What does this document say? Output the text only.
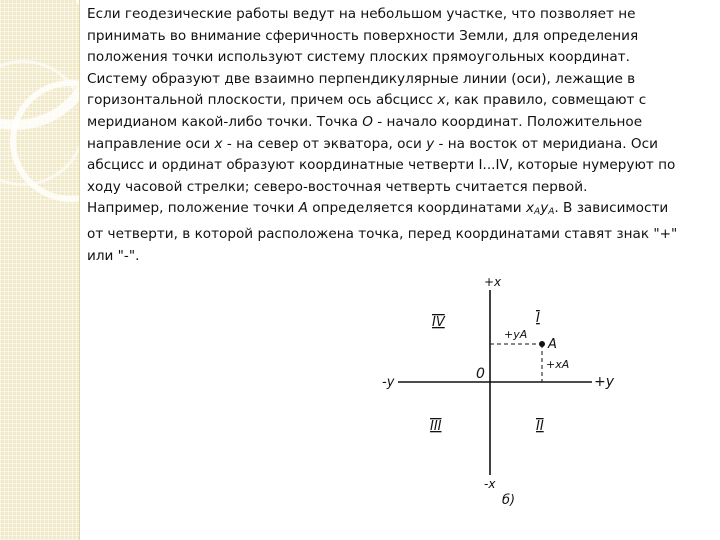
Если геодезические работы ведут на небольшом участке, что позволяет не принимать во внимание сферичность поверхности Земли, для определения положения точки используют систему плоских прямоугольных координат. Системy образуют две взаимно перпендикулярные линии (оси), лежащие в горизонтальной плоскости, причем ось абсцисс x, как правило, совмещают с меридианом какой-либо точки. Точка О - начало координат. Положительное направление оси х - на север от экватора, оси у - на восток от меридиана. Оси абсцисс и ординат образуют координатные четверти I...IV, которые нумеруют по ходу часовой стрелки; северо-восточная четверть считается первой.

Например, положение точки А определяется координатами $х_Ау_А$. В зависимости от четверти, в которой расположена точка, перед координатами ставят знак "+" или "-".

+x
-x
+y
-y
0
I
II
III
IV
A
+yA
+xA
б)
